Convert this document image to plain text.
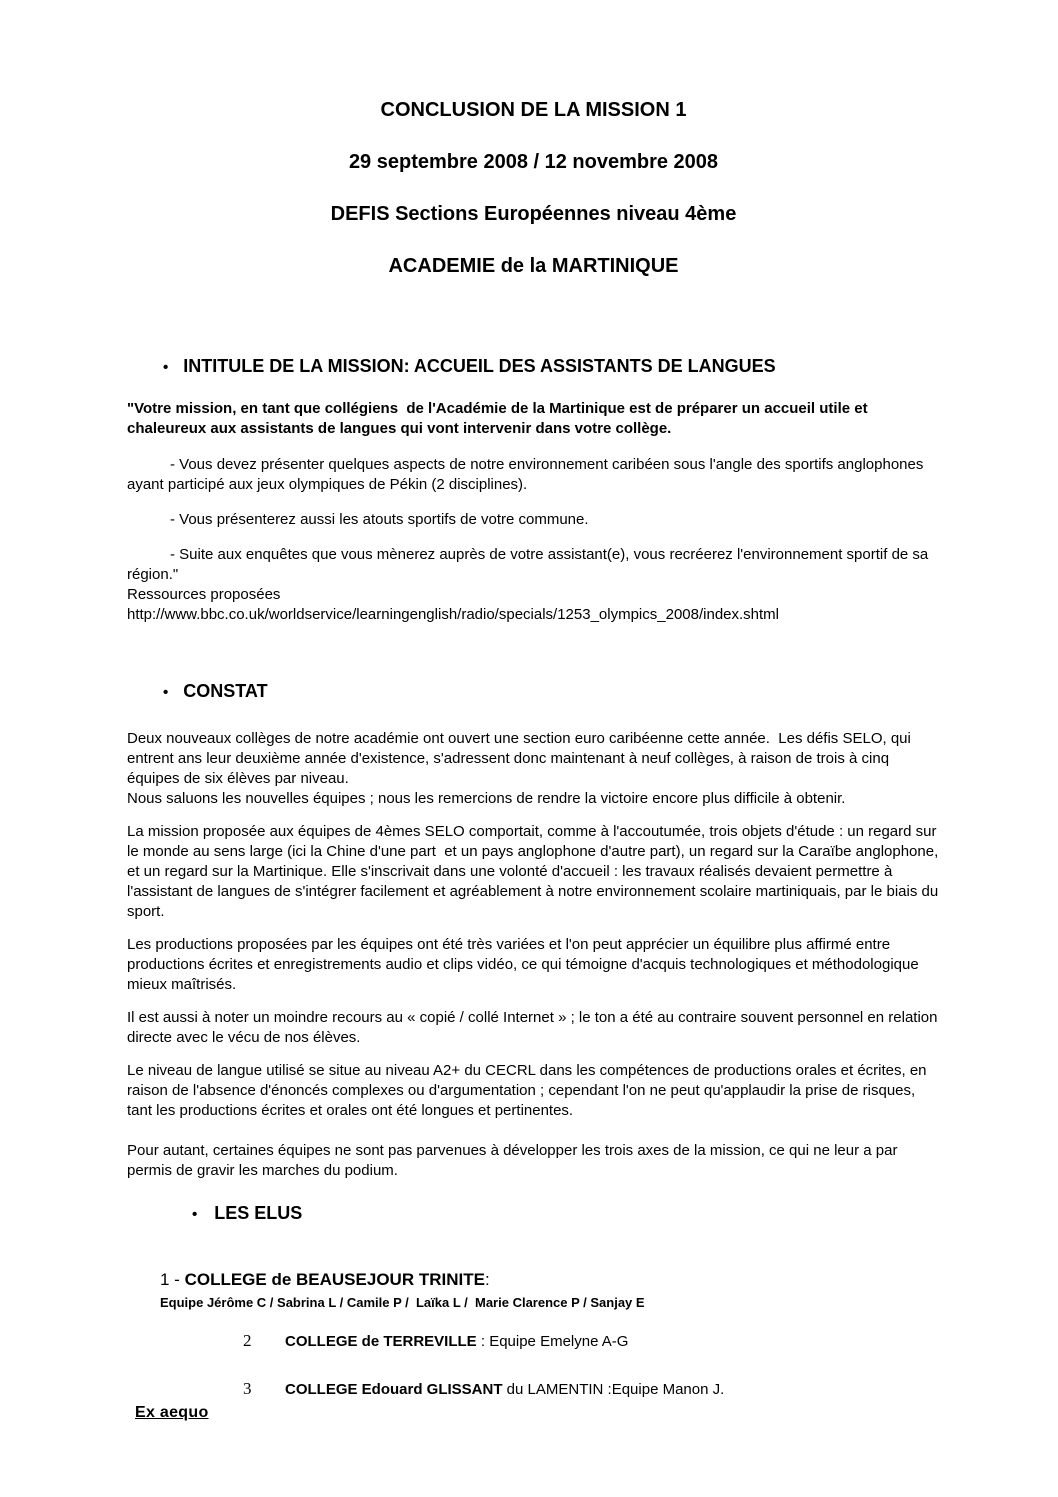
CONCLUSION DE LA MISSION 1
29 septembre 2008 / 12 novembre 2008
DEFIS Sections Européennes niveau 4ème
ACADEMIE de la MARTINIQUE
• INTITULE DE LA MISSION: ACCUEIL DES ASSISTANTS DE LANGUES

"Votre mission, en tant que collégiens  de l'Académie de la Martinique est de préparer un accueil utile et chaleureux aux assistants de langues qui vont intervenir dans votre collège.

- Vous devez présenter quelques aspects de notre environnement caribéen sous l'angle des sportifs anglophones ayant participé aux jeux olympiques de Pékin (2 disciplines).

- Vous présenterez aussi les atouts sportifs de votre commune.

- Suite aux enquêtes que vous mènerez auprès de votre assistant(e), vous recréerez l'environnement sportif de sa région."

Ressources proposées

http://www.bbc.co.uk/worldservice/learningenglish/radio/specials/1253_olympics_2008/index.shtml

• CONSTAT

Deux nouveaux collèges de notre académie ont ouvert une section euro caribéenne cette année.  Les défis SELO, qui entrent ans leur deuxième année d'existence, s'adressent donc maintenant à neuf collèges, à raison de trois à cinq équipes de six élèves par niveau.

Nous saluons les nouvelles équipes ; nous les remercions de rendre la victoire encore plus difficile à obtenir.

La mission proposée aux équipes de 4èmes SELO comportait, comme à l'accoutumée, trois objets d'étude : un regard sur le monde au sens large (ici la Chine d'une part  et un pays anglophone d'autre part), un regard sur la Caraïbe anglophone, et un regard sur la Martinique. Elle s'inscrivait dans une volonté d'accueil : les travaux réalisés devaient permettre à l'assistant de langues de s'intégrer facilement et agréablement à notre environnement scolaire martiniquais, par le biais du sport.

Les productions proposées par les équipes ont été très variées et l'on peut apprécier un équilibre plus affirmé entre productions écrites et enregistrements audio et clips vidéo, ce qui témoigne d'acquis technologiques et méthodologique mieux maîtrisés.

Il est aussi à noter un moindre recours au « copié / collé Internet » ; le ton a été au contraire souvent personnel en relation directe avec le vécu de nos élèves.

Le niveau de langue utilisé se situe au niveau A2+ du CECRL dans les compétences de productions orales et écrites, en raison de l'absence d'énoncés complexes ou d'argumentation ; cependant l'on ne peut qu'applaudir la prise de risques, tant les productions écrites et orales ont été longues et pertinentes.

Pour autant, certaines équipes ne sont pas parvenues à développer les trois axes de la mission, ce qui ne leur a par permis de gravir les marches du podium.

• LES ELUS
1 - COLLEGE de BEAUSEJOUR TRINITE:
Equipe Jérôme C / Sabrina L / Camile P /  Laïka L /  Marie Clarence P / Sanjay E
2 COLLEGE de TERREVILLE : Equipe Emelyne A-G
3 COLLEGE Edouard GLISSANT du LAMENTIN :Equipe Manon J.
Ex aequo
